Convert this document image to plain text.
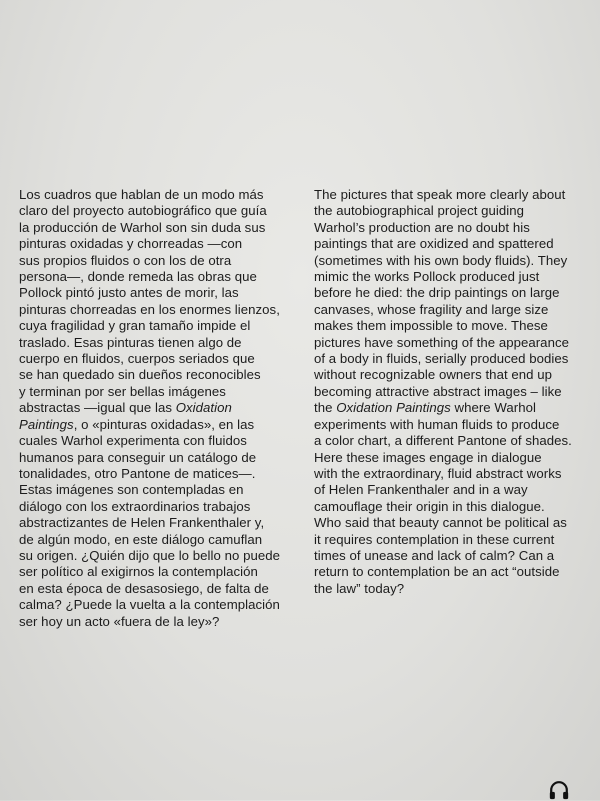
Los cuadros que hablan de un modo más
claro del proyecto autobiográfico que guía
la producción de Warhol son sin duda sus
pinturas oxidadas y chorreadas —con
sus propios fluidos o con los de otra
persona—, donde remeda las obras que
Pollock pintó justo antes de morir, las
pinturas chorreadas en los enormes lienzos,
cuya fragilidad y gran tamaño impide el
traslado. Esas pinturas tienen algo de
cuerpo en fluidos, cuerpos seriados que
se han quedado sin dueños reconocibles
y terminan por ser bellas imágenes
abstractas —igual que las Oxidation
Paintings, o «pinturas oxidadas», en las
cuales Warhol experimenta con fluidos
humanos para conseguir un catálogo de
tonalidades, otro Pantone de matices—.
Estas imágenes son contempladas en
diálogo con los extraordinarios trabajos
abstractizantes de Helen Frankenthaler y,
de algún modo, en este diálogo camuflan
su origen. ¿Quién dijo que lo bello no puede
ser político al exigirnos la contemplación
en esta época de desasosiego, de falta de
calma? ¿Puede la vuelta a la contemplación
ser hoy un acto «fuera de la ley»?
The pictures that speak more clearly about
the autobiographical project guiding
Warhol’s production are no doubt his
paintings that are oxidized and spattered
(sometimes with his own body fluids). They
mimic the works Pollock produced just
before he died: the drip paintings on large
canvases, whose fragility and large size
makes them impossible to move. These
pictures have something of the appearance
of a body in fluids, serially produced bodies
without recognizable owners that end up
becoming attractive abstract images – like
the Oxidation Paintings where Warhol
experiments with human fluids to produce
a color chart, a different Pantone of shades.
Here these images engage in dialogue
with the extraordinary, fluid abstract works
of Helen Frankenthaler and in a way
camouflage their origin in this dialogue.
Who said that beauty cannot be political as
it requires contemplation in these current
times of unease and lack of calm? Can a
return to contemplation be an act “outside
the law” today?
